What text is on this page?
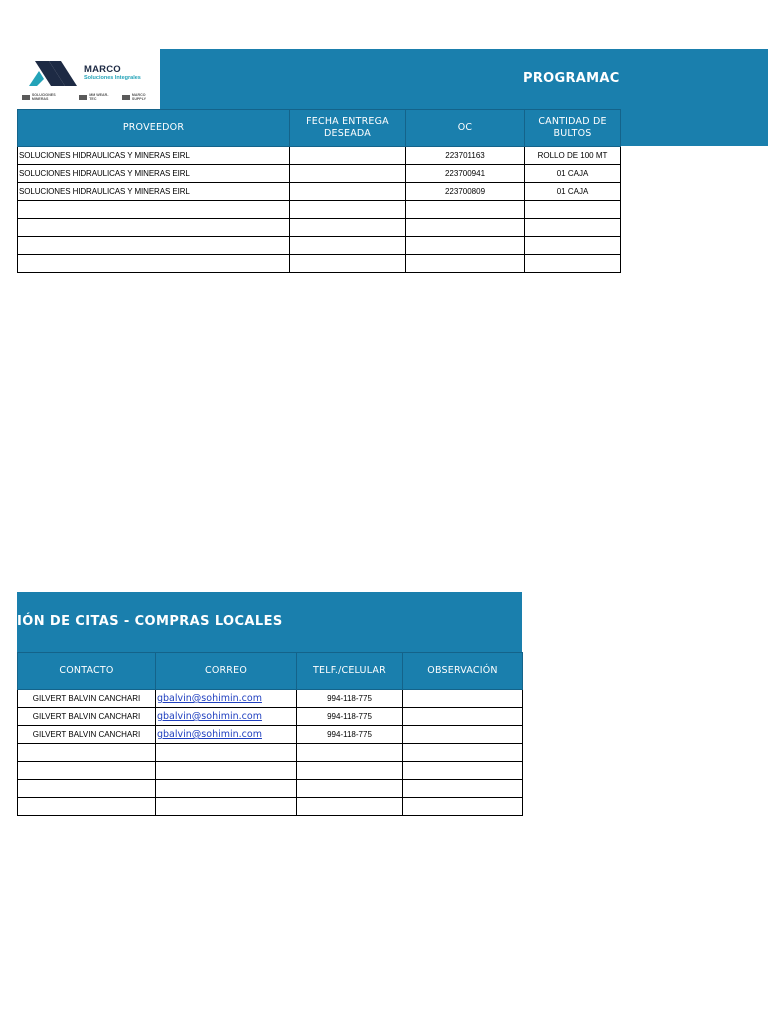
PROGRAMAC
MARCO
Soluciones Integrales
SOLUCIONES MINERAS
MM WEAR-TEC
MARCO SUPPLY
PROVEEDOR	FECHA ENTREGA DESEADA	OC	CANTIDAD DE BULTOS
SOLUCIONES HIDRAULICAS Y MINERAS EIRL		223701163	ROLLO DE 100 MT
SOLUCIONES HIDRAULICAS Y MINERAS EIRL		223700941	01 CAJA
SOLUCIONES HIDRAULICAS Y MINERAS EIRL		223700809	01 CAJA

IÓN DE CITAS - COMPRAS LOCALES
CONTACTO	CORREO	TELF./CELULAR	OBSERVACIÓN
GILVERT BALVIN CANCHARI	gbalvin@sohimin.com	994-118-775	
GILVERT BALVIN CANCHARI	gbalvin@sohimin.com	994-118-775	
GILVERT BALVIN CANCHARI	gbalvin@sohimin.com	994-118-775	
